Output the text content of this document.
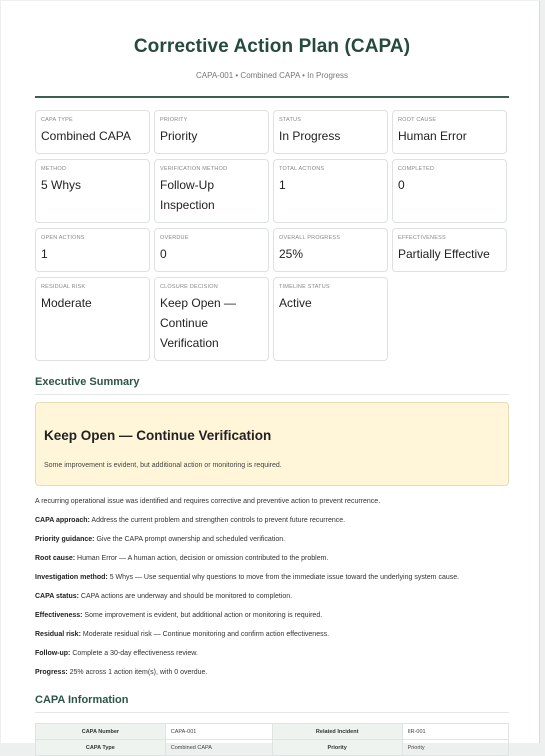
Corrective Action Plan (CAPA)
CAPA-001 • Combined CAPA • In Progress
CAPA TYPE
Combined CAPA
PRIORITY
Priority
STATUS
In Progress
ROOT CAUSE
Human Error
METHOD
5 Whys
VERIFICATION METHOD
Follow-Up Inspection
TOTAL ACTIONS
1
COMPLETED
0
OPEN ACTIONS
1
OVERDUE
0
OVERALL PROGRESS
25%
EFFECTIVENESS
Partially Effective
RESIDUAL RISK
Moderate
CLOSURE DECISION
Keep Open — Continue Verification
TIMELINE STATUS
Active
Executive Summary
Keep Open — Continue Verification
Some improvement is evident, but additional action or monitoring is required.
A recurring operational issue was identified and requires corrective and preventive action to prevent recurrence.
CAPA approach: Address the current problem and strengthen controls to prevent future recurrence.
Priority guidance: Give the CAPA prompt ownership and scheduled verification.
Root cause: Human Error — A human action, decision or omission contributed to the problem.
Investigation method: 5 Whys — Use sequential why questions to move from the immediate issue toward the underlying system cause.
CAPA status: CAPA actions are underway and should be monitored to completion.
Effectiveness: Some improvement is evident, but additional action or monitoring is required.
Residual risk: Moderate residual risk — Continue monitoring and confirm action effectiveness.
Follow-up: Complete a 30-day effectiveness review.
Progress: 25% across 1 action item(s), with 0 overdue.
CAPA Information
CAPA Number	CAPA-001	Related Incident	IIR-001
CAPA Type	Combined CAPA	Priority	Priority
